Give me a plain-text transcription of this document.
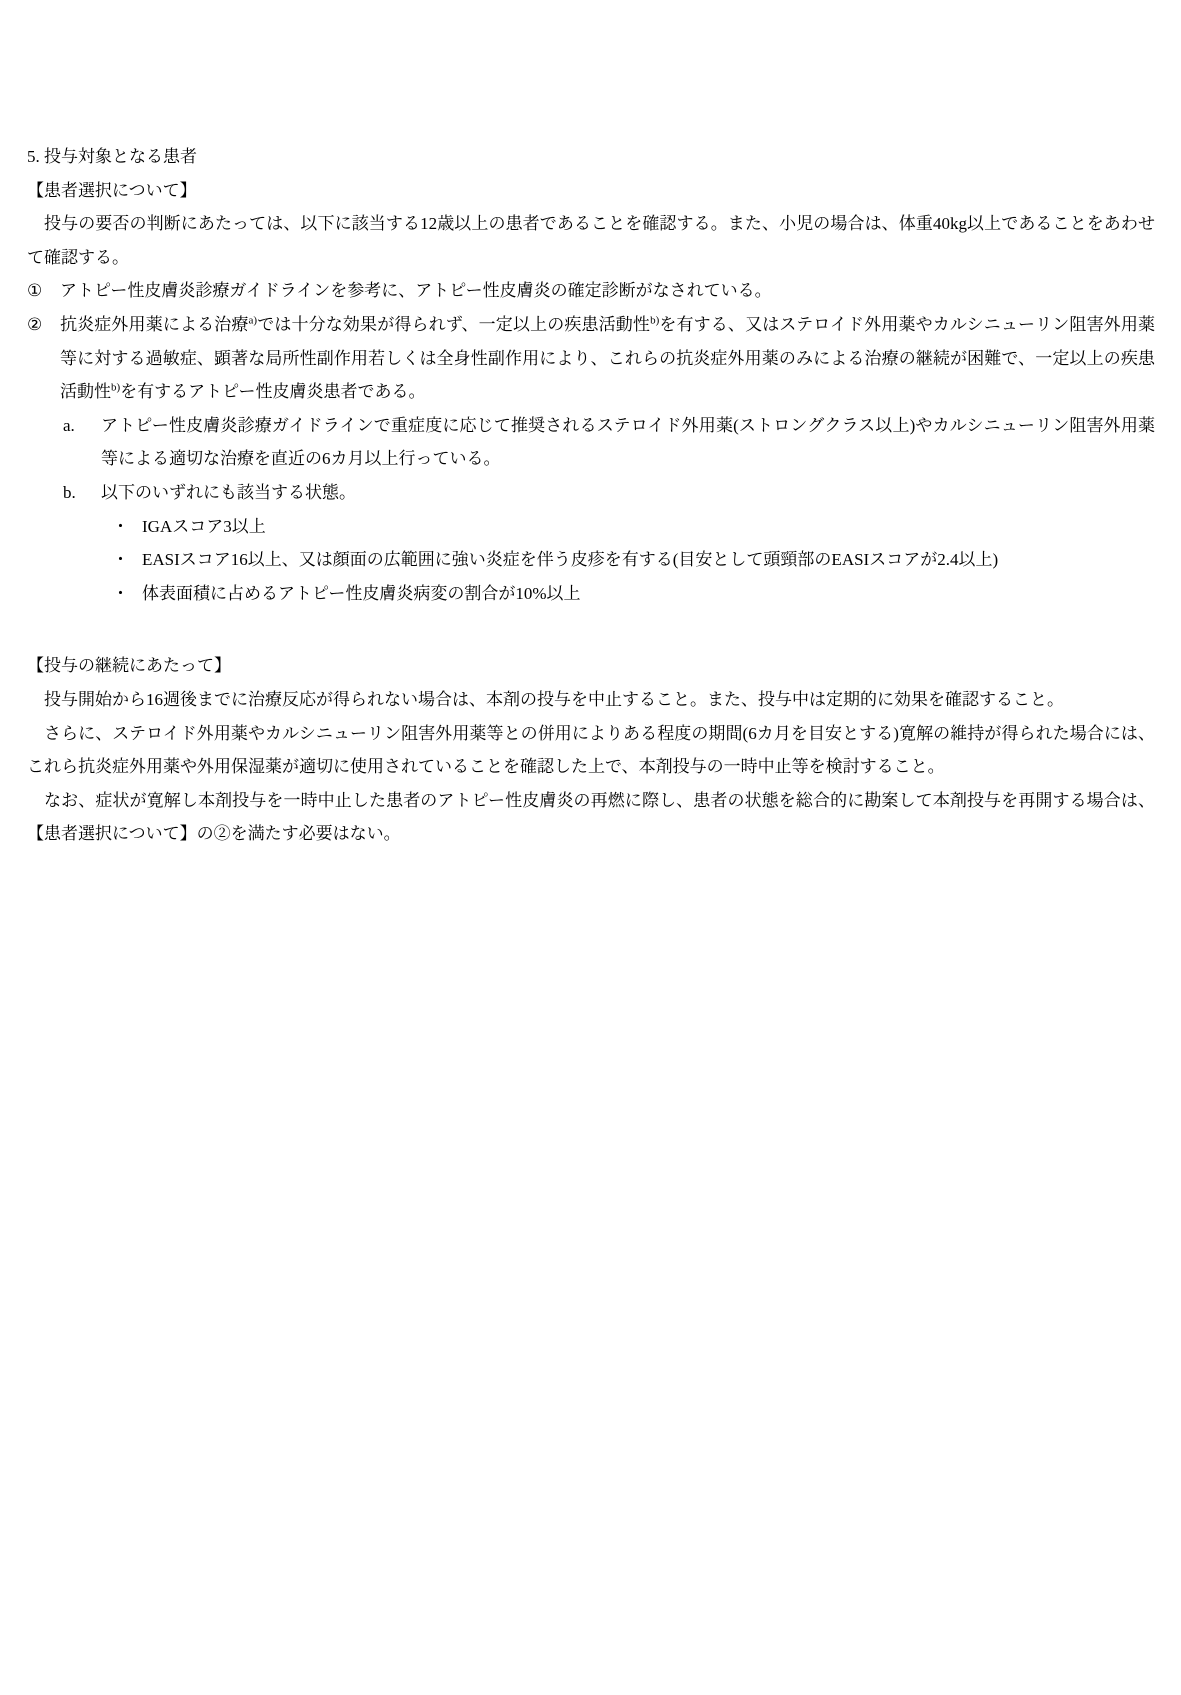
5. 投与対象となる患者
【患者選択について】

投与の要否の判断にあたっては、以下に該当する12歳以上の患者であることを確認する。また、小児の場合は、体重40kg以上であることをあわせて確認する。

① アトピー性皮膚炎診療ガイドラインを参考に、アトピー性皮膚炎の確定診断がなされている。
② 抗炎症外用薬による治療$^{a)}$では十分な効果が得られず、一定以上の疾患活動性$^{b)}$を有する、又はステロイド外用薬やカルシニューリン阻害外用薬等に対する過敏症、顕著な局所性副作用若しくは全身性副作用により、これらの抗炎症外用薬のみによる治療の継続が困難で、一定以上の疾患活動性$^{b)}$を有するアトピー性皮膚炎患者である。
a. アトピー性皮膚炎診療ガイドラインで重症度に応じて推奨されるステロイド外用薬(ストロングクラス以上)やカルシニューリン阻害外用薬等による適切な治療を直近の6カ月以上行っている。
b. 以下のいずれにも該当する状態。
・ IGAスコア3以上
・ EASIスコア16以上、又は顔面の広範囲に強い炎症を伴う皮疹を有する(目安として頭頸部のEASIスコアが2.4以上)
・ 体表面積に占めるアトピー性皮膚炎病変の割合が10%以上
【投与の継続にあたって】

投与開始から16週後までに治療反応が得られない場合は、本剤の投与を中止すること。また、投与中は定期的に効果を確認すること。

さらに、ステロイド外用薬やカルシニューリン阻害外用薬等との併用によりある程度の期間(6カ月を目安とする)寛解の維持が得られた場合には、これら抗炎症外用薬や外用保湿薬が適切に使用されていることを確認した上で、本剤投与の一時中止等を検討すること。

なお、症状が寛解し本剤投与を一時中止した患者のアトピー性皮膚炎の再燃に際し、患者の状態を総合的に勘案して本剤投与を再開する場合は、【患者選択について】の②を満たす必要はない。
